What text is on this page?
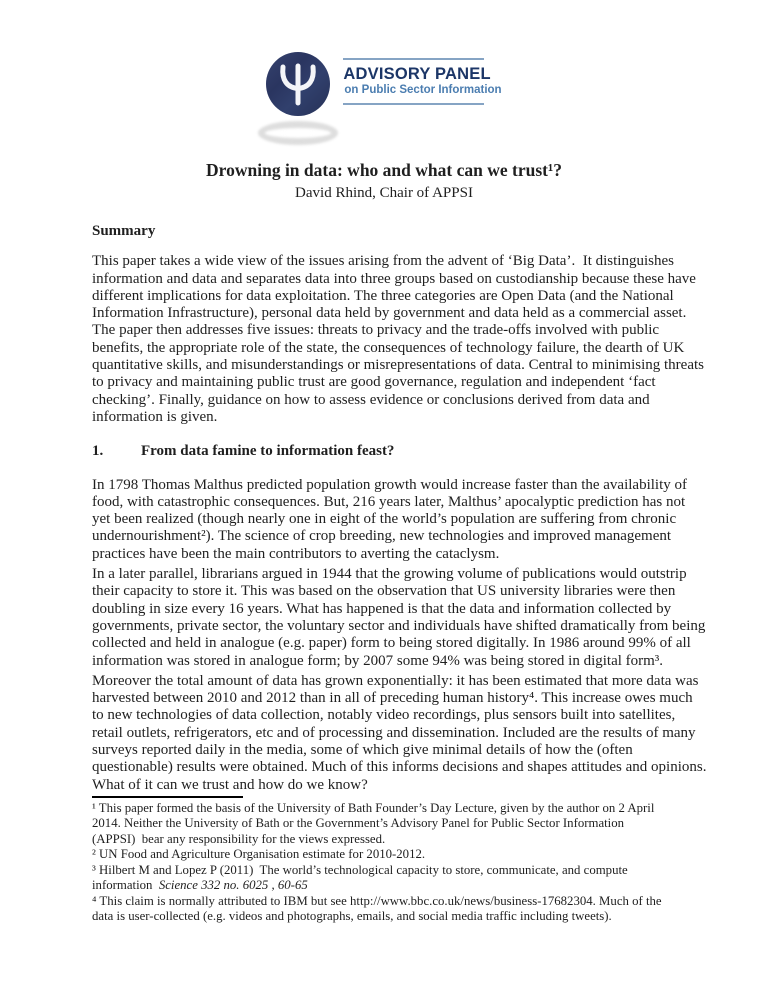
ADVISORY PANEL
on Public Sector Information
Drowning in data: who and what can we trust¹?
David Rhind, Chair of APPSI
Summary
This paper takes a wide view of the issues arising from the advent of ‘Big Data’.  It distinguishes
information and data and separates data into three groups based on custodianship because these have
different implications for data exploitation. The three categories are Open Data (and the National
Information Infrastructure), personal data held by government and data held as a commercial asset.
The paper then addresses five issues: threats to privacy and the trade-offs involved with public
benefits, the appropriate role of the state, the consequences of technology failure, the dearth of UK
quantitative skills, and misunderstandings or misrepresentations of data. Central to minimising threats
to privacy and maintaining public trust are good governance, regulation and independent ‘fact
checking’. Finally, guidance on how to assess evidence or conclusions derived from data and
information is given.
1.	From data famine to information feast?
In 1798 Thomas Malthus predicted population growth would increase faster than the availability of
food, with catastrophic consequences. But, 216 years later, Malthus’ apocalyptic prediction has not
yet been realized (though nearly one in eight of the world’s population are suffering from chronic
undernourishment²). The science of crop breeding, new technologies and improved management
practices have been the main contributors to averting the cataclysm.
In a later parallel, librarians argued in 1944 that the growing volume of publications would outstrip
their capacity to store it. This was based on the observation that US university libraries were then
doubling in size every 16 years. What has happened is that the data and information collected by
governments, private sector, the voluntary sector and individuals have shifted dramatically from being
collected and held in analogue (e.g. paper) form to being stored digitally. In 1986 around 99% of all
information was stored in analogue form; by 2007 some 94% was being stored in digital form³.
Moreover the total amount of data has grown exponentially: it has been estimated that more data was
harvested between 2010 and 2012 than in all of preceding human history⁴. This increase owes much
to new technologies of data collection, notably video recordings, plus sensors built into satellites,
retail outlets, refrigerators, etc and of processing and dissemination. Included are the results of many
surveys reported daily in the media, some of which give minimal details of how the (often
questionable) results were obtained. Much of this informs decisions and shapes attitudes and opinions.
What of it can we trust and how do we know?
¹ This paper formed the basis of the University of Bath Founder’s Day Lecture, given by the author on 2 April
2014. Neither the University of Bath or the Government’s Advisory Panel for Public Sector Information
(APPSI)  bear any responsibility for the views expressed.
² UN Food and Agriculture Organisation estimate for 2010-2012.
³ Hilbert M and Lopez P (2011)  The world’s technological capacity to store, communicate, and compute
information  Science 332 no. 6025 , 60-65
⁴ This claim is normally attributed to IBM but see http://www.bbc.co.uk/news/business-17682304. Much of the
data is user-collected (e.g. videos and photographs, emails, and social media traffic including tweets).
